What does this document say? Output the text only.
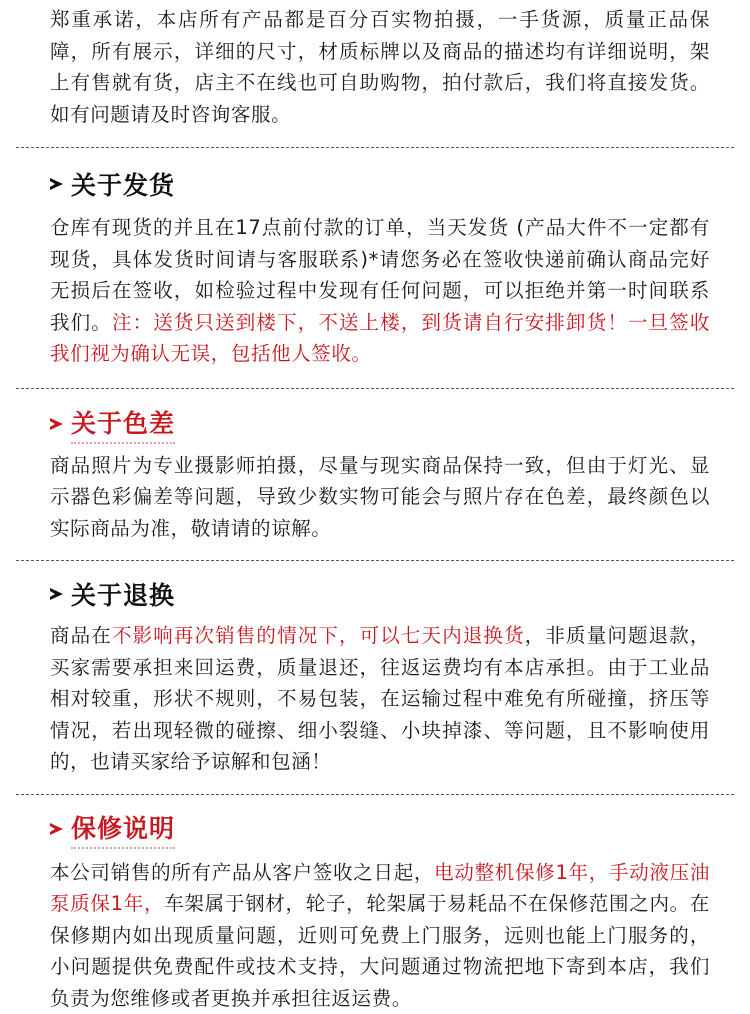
郑重承诺，本店所有产品都是百分百实物拍摄，一手货源，质量正品保障，所有展示，详细的尺寸，材质标牌以及商品的描述均有详细说明，架上有售就有货，店主不在线也可自助购物，拍付款后，我们将直接发货。如有问题请及时咨询客服。

关于发货

仓库有现货的并且在17点前付款的订单，当天发货 (产品大件不一定都有现货，具体发货时间请与客服联系)*请您务必在签收快递前确认商品完好无损后在签收，如检验过程中发现有任何问题，可以拒绝并第一时间联系我们。注：送货只送到楼下，不送上楼，到货请自行安排卸货！一旦签收我们视为确认无误，包括他人签收。

关于色差

商品照片为专业摄影师拍摄，尽量与现实商品保持一致，但由于灯光、显示器色彩偏差等问题，导致少数实物可能会与照片存在色差，最终颜色以实际商品为准，敬请请的谅解。

关于退换

商品在不影响再次销售的情况下，可以七天内退换货，非质量问题退款，买家需要承担来回运费，质量退还，往返运费均有本店承担。由于工业品相对较重，形状不规则，不易包装，在运输过程中难免有所碰撞，挤压等情况，若出现轻微的碰擦、细小裂缝、小块掉漆、等问题，且不影响使用的，也请买家给予谅解和包涵！

保修说明

本公司销售的所有产品从客户签收之日起，电动整机保修1年，手动液压油泵质保1年，车架属于钢材，轮子，轮架属于易耗品不在保修范围之内。在保修期内如出现质量问题，近则可免费上门服务，远则也能上门服务的，小问题提供免费配件或技术支持，大问题通过物流把地下寄到本店，我们负责为您维修或者更换并承担往返运费。
